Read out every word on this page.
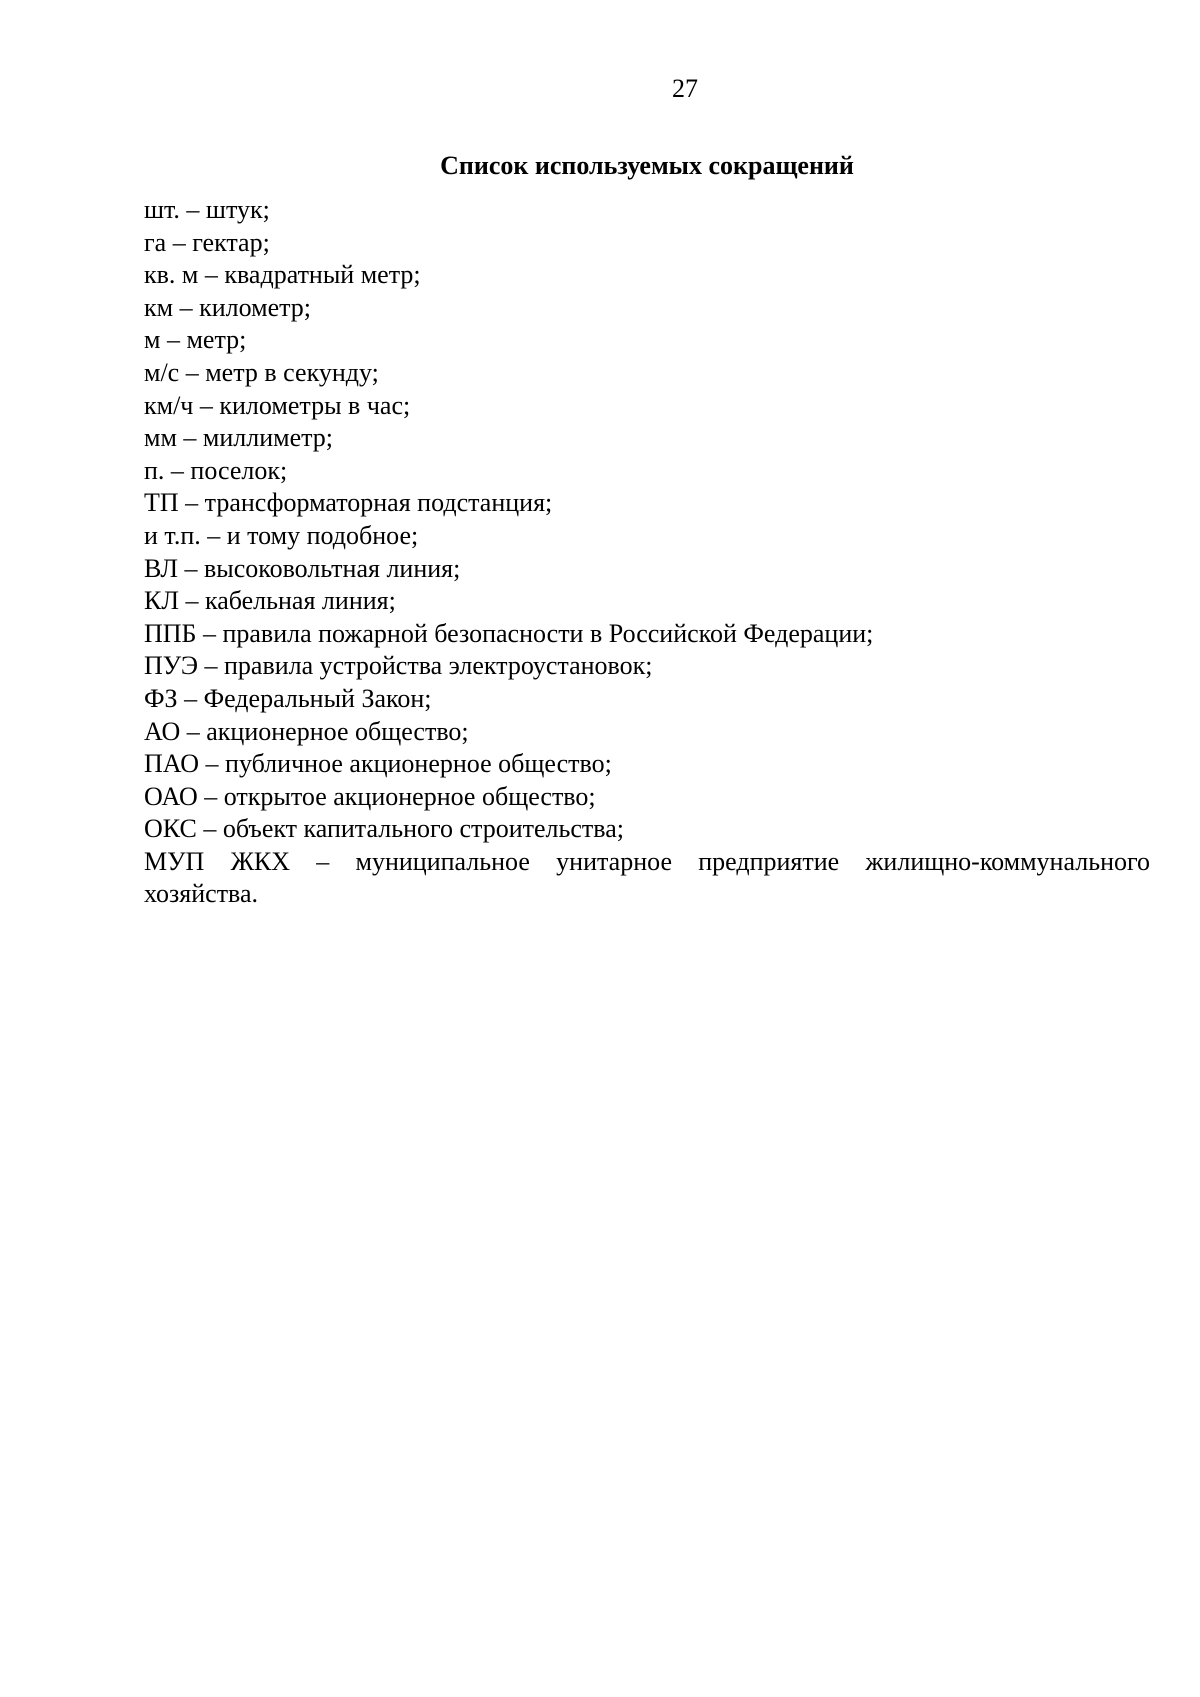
27
Список используемых сокращений
шт. – штук;
га – гектар;
кв. м – квадратный метр;
км – километр;
м – метр;
м/с – метр в секунду;
км/ч – километры в час;
мм – миллиметр;
п. – поселок;
ТП – трансформаторная подстанция;
и т.п. – и тому подобное;
ВЛ – высоковольтная линия;
КЛ – кабельная линия;
ППБ – правила пожарной безопасности в Российской Федерации;
ПУЭ – правила устройства электроустановок;
ФЗ – Федеральный Закон;
АО – акционерное общество;
ПАО – публичное акционерное общество;
ОАО – открытое акционерное общество;
ОКС – объект капитального строительства;
МУП ЖКХ – муниципальное унитарное предприятие жилищно-коммунального хозяйства.
